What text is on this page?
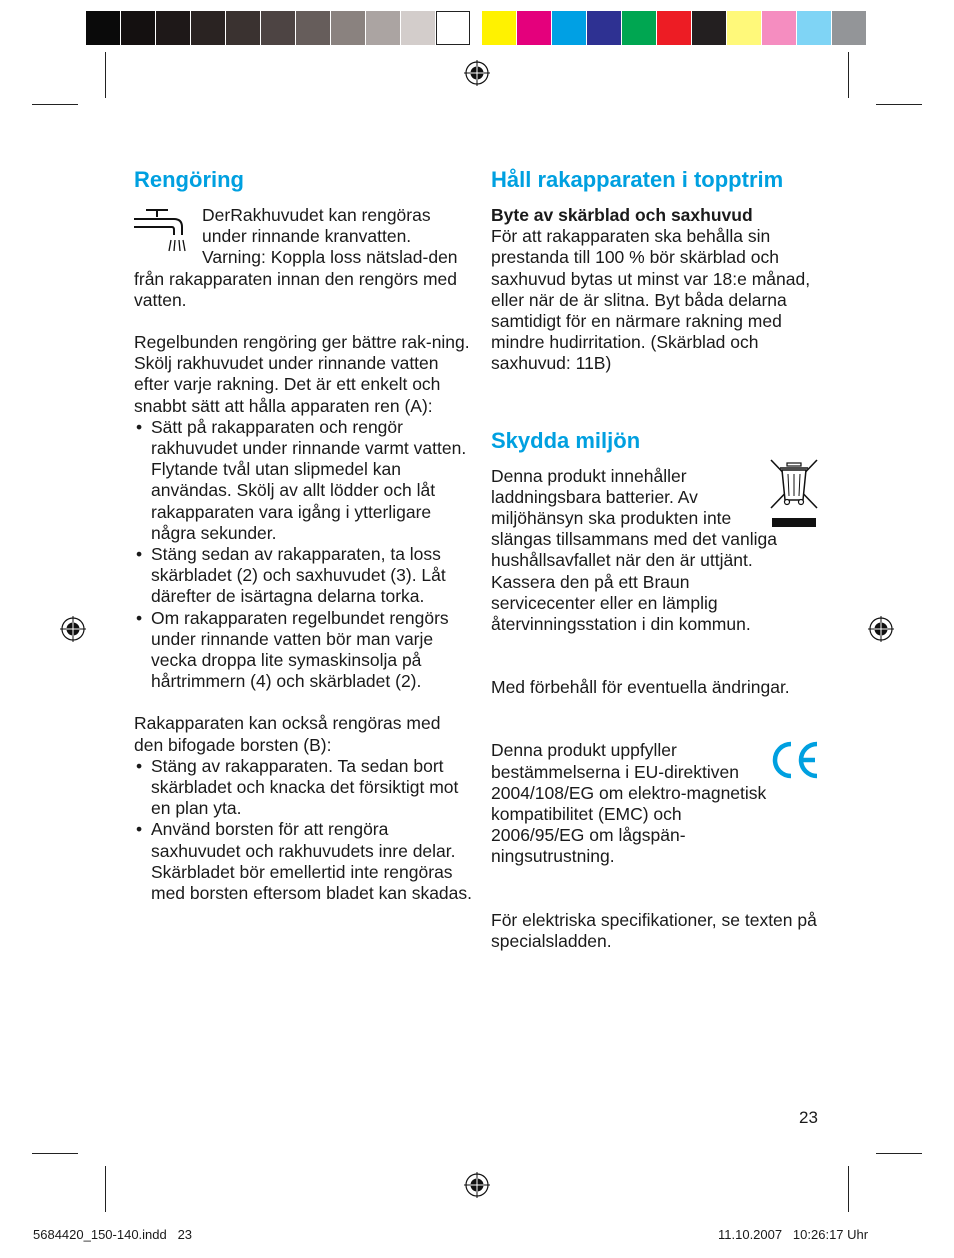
Rengöring

DerRakhuvudet kan rengöras under rinnande kranvatten. Varning: Koppla loss nätslad-den från rakapparaten innan den rengörs med vatten.

Regelbunden rengöring ger bättre rak-ning. Skölj rakhuvudet under rinnande vatten efter varje rakning. Det är ett enkelt och snabbt sätt att hålla apparaten ren (A):

• Sätt på rakapparaten och rengör rakhuvudet under rinnande varmt vatten. Flytande tvål utan slipmedel kan användas. Skölj av allt lödder och låt rakapparaten vara igång i ytterligare några sekunder.
• Stäng sedan av rakapparaten, ta loss skärbladet (2) och saxhuvudet (3). Låt därefter de isärtagna delarna torka.
• Om rakapparaten regelbundet rengörs under rinnande vatten bör man varje vecka droppa lite symaskinsolja på hårtrimmern (4) och skärbladet (2).

Rakapparaten kan också rengöras med den bifogade borsten (B):

• Stäng av rakapparaten. Ta sedan bort skärbladet och knacka det försiktigt mot en plan yta.
• Använd borsten för att rengöra saxhuvudet och rakhuvudets inre delar. Skärbladet bör emellertid inte rengöras med borsten eftersom bladet kan skadas.
Håll rakapparaten i topptrim

Byte av skärblad och saxhuvud

För att rakapparaten ska behålla sin prestanda till 100 % bör skärblad och saxhuvud bytas ut minst var 18:e månad, eller när de är slitna. Byt båda delarna samtidigt för en närmare rakning med mindre hudirritation. (Skärblad och saxhuvud: 11B)

Skydda miljön

Denna produkt innehåller laddningsbara batterier. Av miljöhänsyn ska produkten inte slängas tillsammans med det vanliga hushållsavfallet när den är uttjänt. Kassera den på ett Braun servicecenter eller en lämplig återvinningsstation i din kommun.

Med förbehåll för eventuella ändringar.

Denna produkt uppfyller bestämmelserna i EU-direktiven 2004/108/EG om elektro-magnetisk kompatibilitet (EMC) och 2006/95/EG om lågspän-ningsutrustning.

För elektriska specifikationer, se texten på specialsladden.

23
5684420_150-140.indd   23	11.10.2007   10:26:17 Uhr
